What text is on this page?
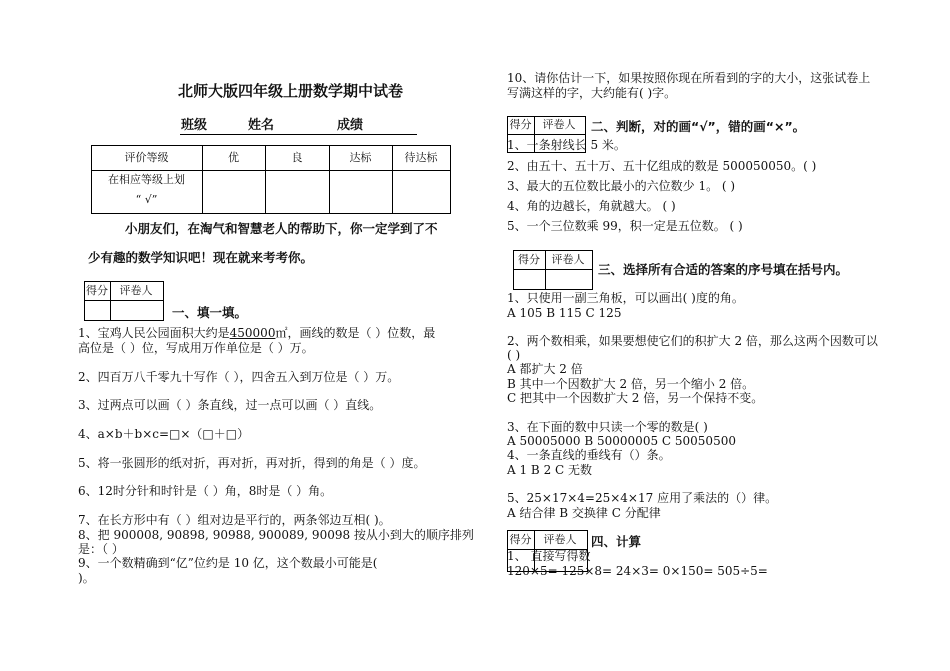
北师大版四年级上册数学期中试卷
班级	姓名	成绩
评价等级	优	良	达标	待达标
在相应等级上划
“ √”
小朋友们，在淘气和智慧老人的帮助下，你一定学到了不
少有趣的数学知识吧！现在就来考考你。
得分	评卷人
一、填一填。
1、宝鸡人民公园面积大约是450000㎡，画线的数是（ ）位数，最
高位是（ ）位，写成用万作单位是（ ）万。
2、四百万八千零九十写作（ ），四舍五入到万位是（ ）万。
3、过两点可以画（ ）条直线，过一点可以画（ ）直线。
4、a×b＋b×c=□×（□＋□）
5、将一张圆形的纸对折，再对折，再对折，得到的角是（ ）度。
6、12时分针和时针是（ ）角，8时是（ ）角。
7、在长方形中有（ ）组对边是平行的，两条邻边互相( )。
8、把 900008, 90898, 90988, 900089, 90098 按从小到大的顺序排列
是：（ ）
9、一个数精确到“亿”位约是 10 亿，这个数最小可能是(
)。
10、请你估计一下，如果按照你现在所看到的字的大小，这张试卷上
写满这样的字，大约能有( )字。
得分	评卷人	二、判断，对的画“√”，错的画“×”。
1、一条射线长 5 米。
2、由五十、五十万、五十亿组成的数是 500050050。( )
3、最大的五位数比最小的六位数少 1。 ( )
4、角的边越长，角就越大。 ( )
5、一个三位数乘 99，积一定是五位数。 ( )
得分	评卷人
三、选择所有合适的答案的序号填在括号内。
1、只使用一副三角板，可以画出( )度的角。
A 105 B 115 C 125
2、两个数相乘，如果要想使它们的积扩大 2 倍，那么这两个因数可以
( )
A 都扩大 2 倍
B 其中一个因数扩大 2 倍，另一个缩小 2 倍。
C 把其中一个因数扩大 2 倍，另一个保持不变。
3、在下面的数中只读一个零的数是( )
A 50005000 B 50000005 C 50050500
4、一条直线的垂线有（）条。
A 1 B 2 C 无数
5、25×17×4=25×4×17 应用了乘法的（）律。
A 结合律 B 交换律 C 分配律
得分	评卷人	四、计算
1、 直接写得数
120×5= 125×8= 24×3= 0×150= 505÷5=
